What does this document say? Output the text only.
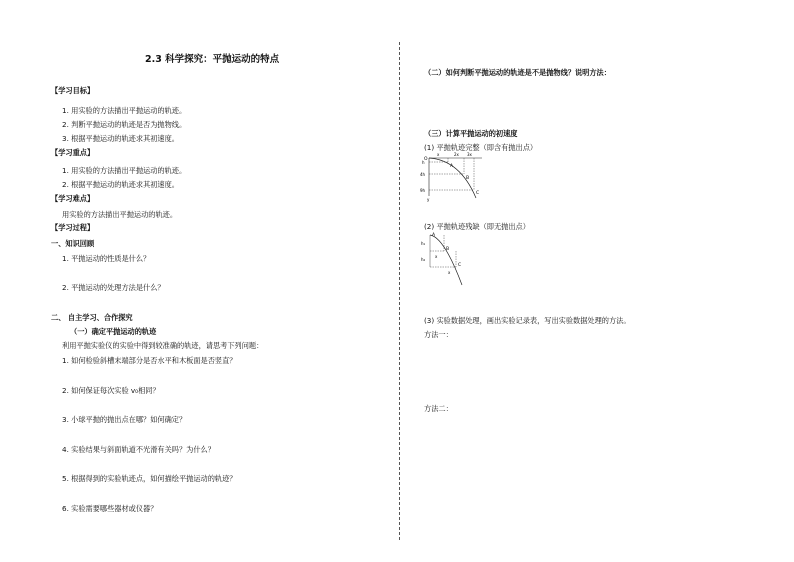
2.3 科学探究：平抛运动的特点
【学习目标】
1. 用实验的方法描出平抛运动的轨迹。
2. 判断平抛运动的轨迹是否为抛物线。
3. 根据平抛运动的轨迹求其初速度。
【学习重点】
1. 用实验的方法描出平抛运动的轨迹。
2. 根据平抛运动的轨迹求其初速度。
【学习难点】
用实验的方法描出平抛运动的轨迹。
【学习过程】
一、知识回顾
1. 平抛运动的性质是什么？
2. 平抛运动的处理方法是什么？
二、 自主学习、合作探究
（一）确定平抛运动的轨迹
利用平抛实验仪的实验中得到较准确的轨迹，请思考下列问题：
1. 如何检验斜槽末端部分是否水平和木板面是否竖直？
2. 如何保证每次实验 v₀相同？
3. 小球平抛的抛出点在哪？如何确定？
4. 实验结果与斜面轨道不光滑有关吗？为什么？
5. 根据得到的实验轨迹点，如何描绘平抛运动的轨迹？
6. 实验需要哪些器材或仪器？
（二）如何判断平抛运动的轨迹是不是抛物线？说明方法：
（三）计算平抛运动的初速度
(1) 平抛轨迹完整（即含有抛出点）
O
x	2x 3x
h
4h
9h
y
A
B
C
(2) 平抛轨迹残缺（即无抛出点）
A
B
C
h₁
h₂
x
x
(3) 实验数据处理，画出实验记录表，写出实验数据处理的方法。
方法一：
方法二：
